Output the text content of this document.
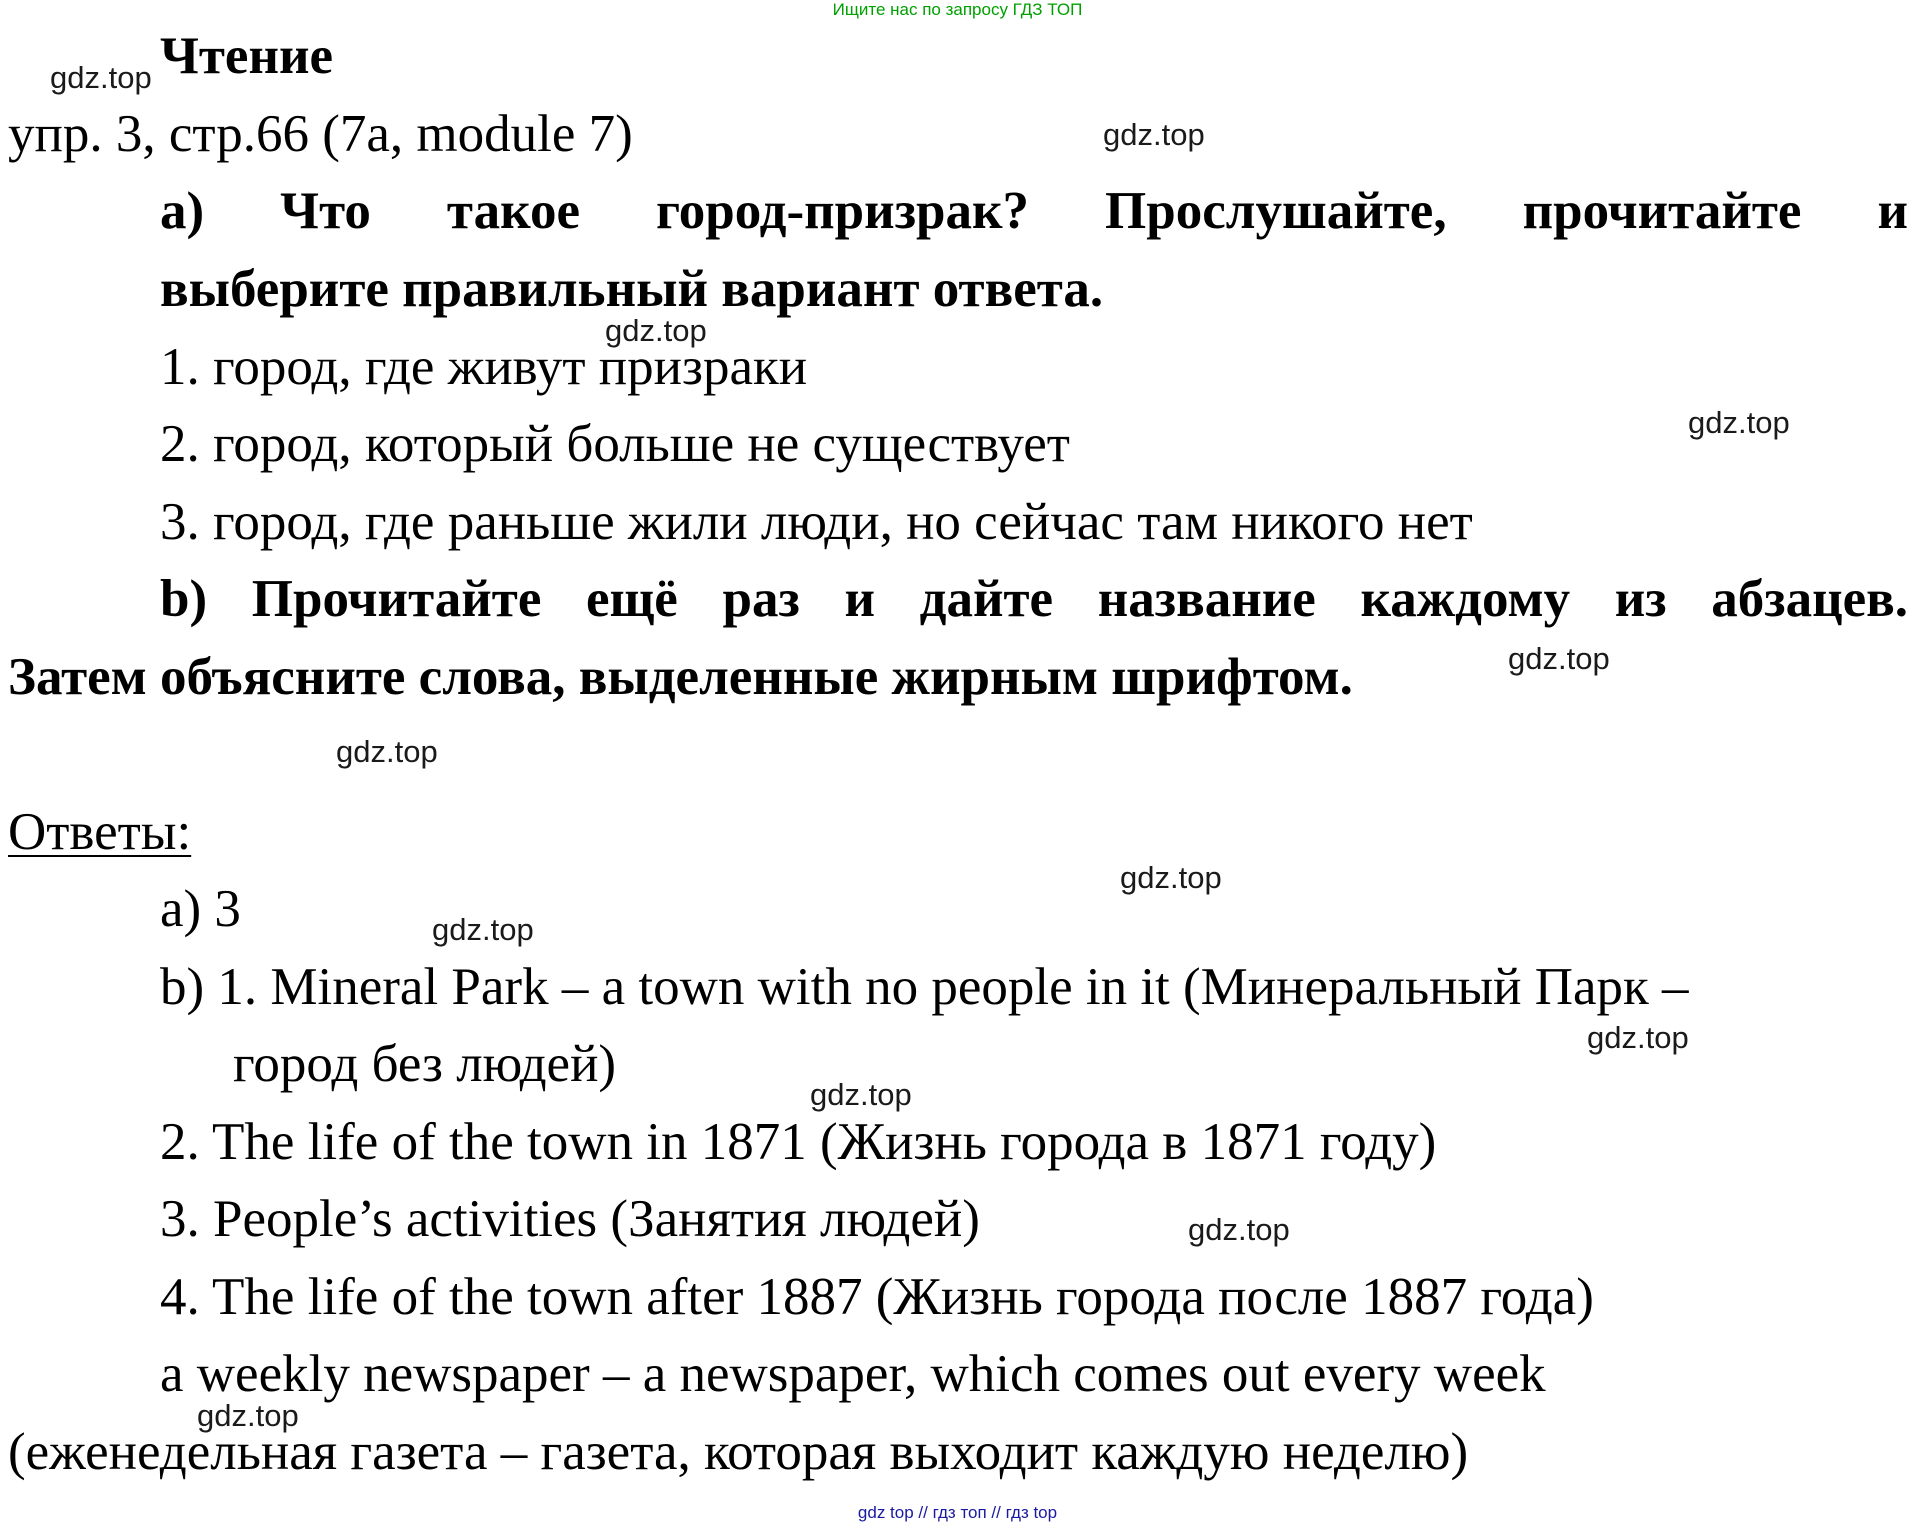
Ищите нас по запросу ГДЗ ТОП
gdz.top
gdz.top
gdz.top
gdz.top
gdz.top
gdz.top
gdz.top
gdz.top
gdz.top
gdz.top
gdz.top
gdz.top
Чтение
упр. 3, стр.66 (7а, module 7)
a) Что такое город-призрак? Прослушайте, прочитайте и
выберите правильный вариант ответа.
1. город, где живут призраки
2. город, который больше не существует
3. город, где раньше жили люди, но сейчас там никого нет
b) Прочитайте ещё раз и дайте название каждому из абзацев.
Затем объясните слова, выделенные жирным шрифтом.
Ответы:
a) 3
b) 1. Mineral Park – a town with no people in it (Минеральный Парк –
город без людей)
2. The life of the town in 1871 (Жизнь города в 1871 году)
3. People’s activities (Занятия людей)
4. The life of the town after 1887 (Жизнь города после 1887 года)
a weekly newspaper – a newspaper, which comes out every week
(еженедельная газета – газета, которая выходит каждую неделю)
gdz top // гдз топ // гдз top
